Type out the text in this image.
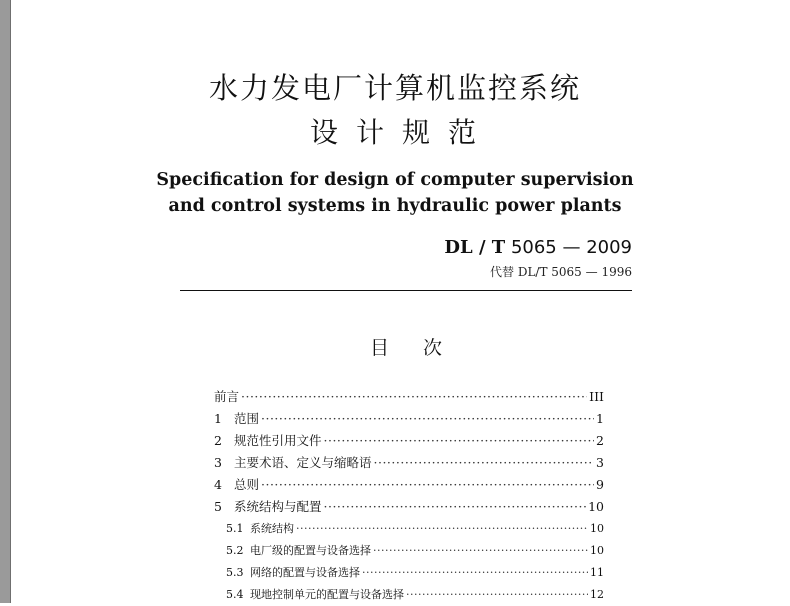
水力发电厂计算机监控系统
设计规范
Specification for design of computer supervision
and control systems in hydraulic power plants
DL / T 5065 — 2009
代替 DL/T 5065 — 1996
目次
前言 ·····	III
1 范围 ·····	1
2 规范性引用文件 ·····	2
3 主要术语、定义与缩略语 ·····	3
4 总则 ·····	9
5 系统结构与配置 ·····	10
5.1 系统结构 ·····	10
5.2 电厂级的配置与设备选择 ·····	10
5.3 网络的配置与设备选择 ·····	11
5.4 现地控制单元的配置与设备选择 ·····	12
